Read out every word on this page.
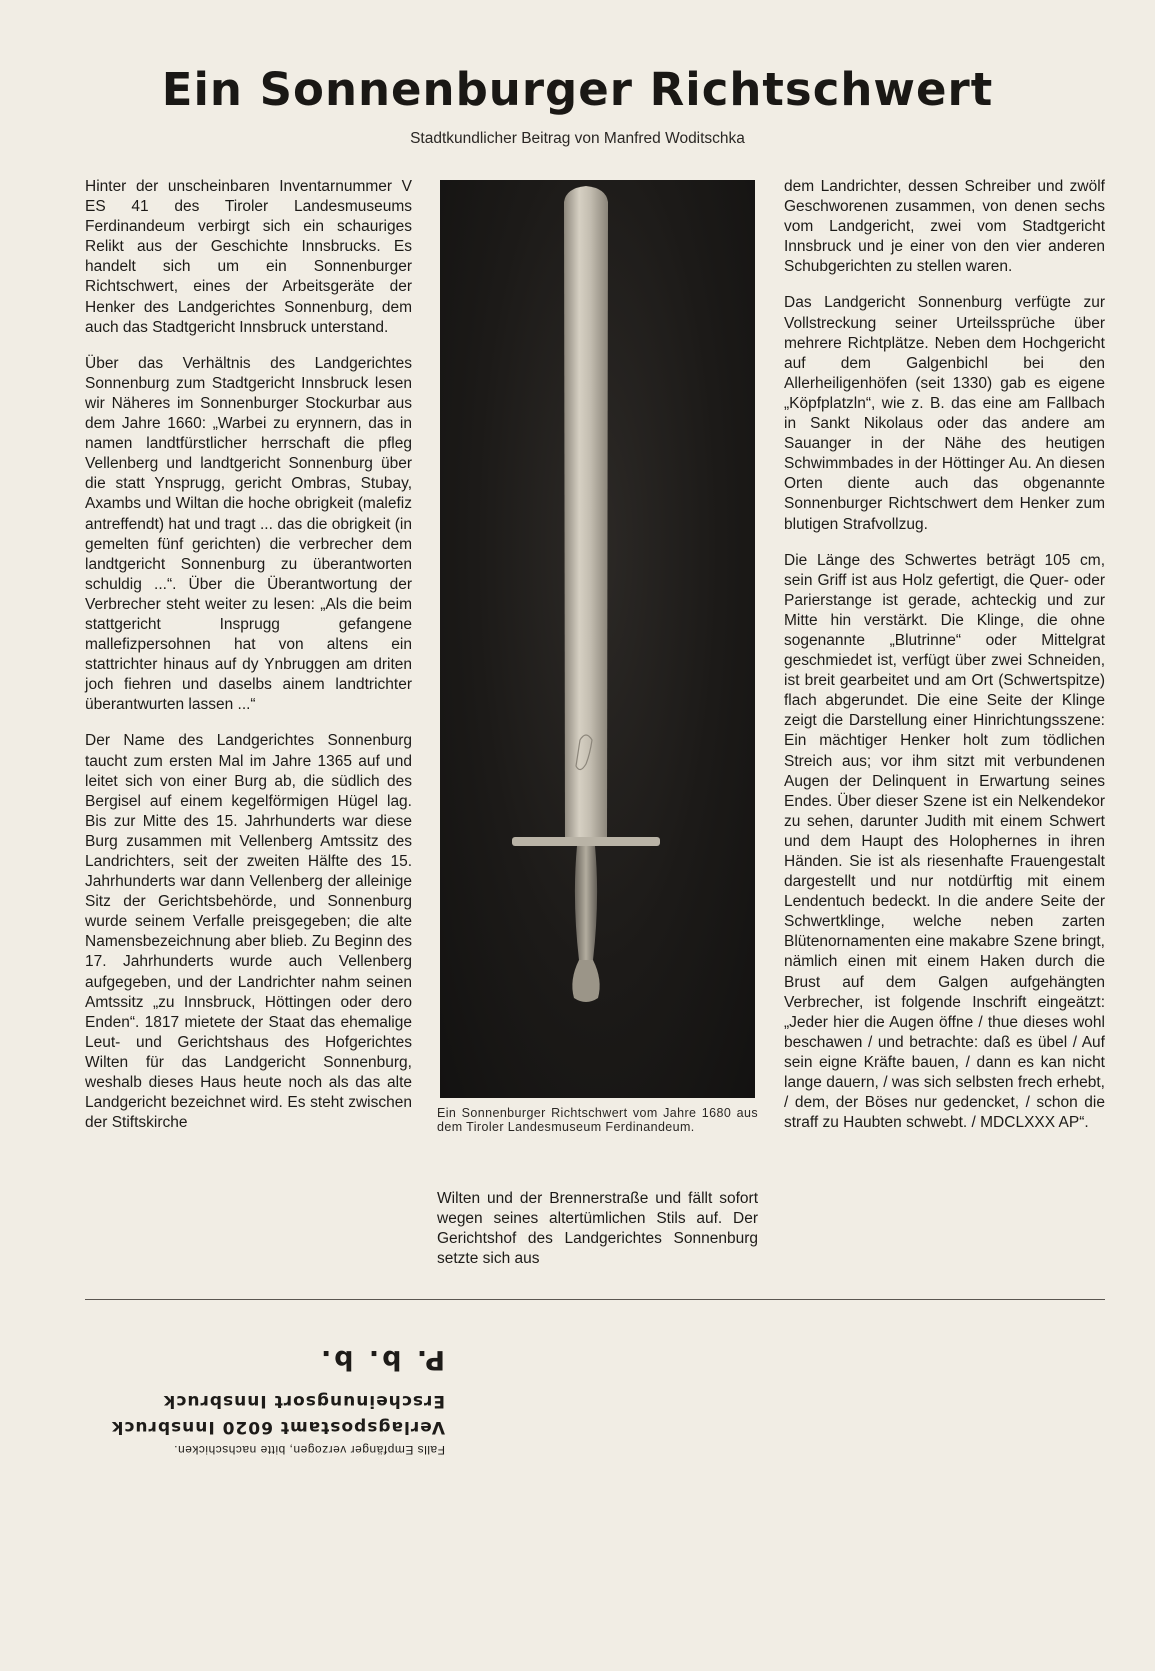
Ein Sonnenburger Richtschwert
Stadtkundlicher Beitrag von Manfred Woditschka

Hinter der unscheinbaren Inventarnummer V ES 41 des Tiroler Landesmuseums Ferdinandeum verbirgt sich ein schauriges Relikt aus der Geschichte Innsbrucks. Es handelt sich um ein Sonnenburger Richtschwert, eines der Arbeitsgeräte der Henker des Landgerichtes Sonnenburg, dem auch das Stadtgericht Innsbruck unterstand.

Über das Verhältnis des Landgerichtes Sonnenburg zum Stadtgericht Innsbruck lesen wir Näheres im Sonnenburger Stockurbar aus dem Jahre 1660: „Warbei zu erynnern, das in namen landtfürstlicher herrschaft die pfleg Vellenberg und landtgericht Sonnenburg über die statt Ynsprugg, gericht Ombras, Stubay, Axambs und Wiltan die hoche obrigkeit (malefiz antreffendt) hat und tragt ... das die obrigkeit (in gemelten fünf gerichten) die verbrecher dem landtgericht Sonnenburg zu überantworten schuldig ...“. Über die Überantwortung der Verbrecher steht weiter zu lesen: „Als die beim stattgericht Insprugg gefangene mallefizpersohnen hat von altens ein stattrichter hinaus auf dy Ynbruggen am driten joch fiehren und daselbs ainem landtrichter überantwurten lassen ...“

Der Name des Landgerichtes Sonnenburg taucht zum ersten Mal im Jahre 1365 auf und leitet sich von einer Burg ab, die südlich des Bergisel auf einem kegelförmigen Hügel lag. Bis zur Mitte des 15. Jahrhunderts war diese Burg zusammen mit Vellenberg Amtssitz des Landrichters, seit der zweiten Hälfte des 15. Jahrhunderts war dann Vellenberg der alleinige Sitz der Gerichtsbehörde, und Sonnenburg wurde seinem Verfalle preisgegeben; die alte Namensbezeichnung aber blieb. Zu Beginn des 17. Jahrhunderts wurde auch Vellenberg aufgegeben, und der Landrichter nahm seinen Amtssitz „zu Innsbruck, Höttingen oder dero Enden“. 1817 mietete der Staat das ehemalige Leut- und Gerichtshaus des Hofgerichtes Wilten für das Landgericht Sonnenburg, weshalb dieses Haus heute noch als das alte Landgericht bezeichnet wird. Es steht zwischen der Stiftskirche

Ein Sonnenburger Richtschwert vom Jahre 1680 aus dem Tiroler Landesmuseum Ferdinandeum.

Wilten und der Brennerstraße und fällt sofort wegen seines altertümlichen Stils auf. Der Gerichtshof des Landgerichtes Sonnenburg setzte sich aus

dem Landrichter, dessen Schreiber und zwölf Geschworenen zusammen, von denen sechs vom Landgericht, zwei vom Stadtgericht Innsbruck und je einer von den vier anderen Schubgerichten zu stellen waren.

Das Landgericht Sonnenburg verfügte zur Vollstreckung seiner Urteilssprüche über mehrere Richtplätze. Neben dem Hochgericht auf dem Galgenbichl bei den Allerheiligenhöfen (seit 1330) gab es eigene „Köpfplatzln“, wie z. B. das eine am Fallbach in Sankt Nikolaus oder das andere am Sauanger in der Nähe des heutigen Schwimmbades in der Höttinger Au. An diesen Orten diente auch das obgenannte Sonnenburger Richtschwert dem Henker zum blutigen Strafvollzug.

Die Länge des Schwertes beträgt 105 cm, sein Griff ist aus Holz gefertigt, die Quer- oder Parierstange ist gerade, achteckig und zur Mitte hin verstärkt. Die Klinge, die ohne sogenannte „Blutrinne“ oder Mittelgrat geschmiedet ist, verfügt über zwei Schneiden, ist breit gearbeitet und am Ort (Schwertspitze) flach abgerundet. Die eine Seite der Klinge zeigt die Darstellung einer Hinrichtungsszene: Ein mächtiger Henker holt zum tödlichen Streich aus; vor ihm sitzt mit verbundenen Augen der Delinquent in Erwartung seines Endes. Über dieser Szene ist ein Nelkendekor zu sehen, darunter Judith mit einem Schwert und dem Haupt des Holophernes in ihren Händen. Sie ist als riesenhafte Frauengestalt dargestellt und nur notdürftig mit einem Lendentuch bedeckt. In die andere Seite der Schwertklinge, welche neben zarten Blütenornamenten eine makabre Szene bringt, nämlich einen mit einem Haken durch die Brust auf dem Galgen aufgehängten Verbrecher, ist folgende Inschrift eingeätzt: „Jeder hier die Augen öffne / thue dieses wohl beschawen / und betrachte: daß es übel / Auf sein eigne Kräfte bauen, / dann es kan nicht lange dauern, / was sich selbsten frech erhebt, / dem, der Böses nur gedencket, / schon die straff zu Haubten schwebt. / MDCLXXX AP“.

Falls Empfänger verzogen, bitte nachschicken.
Verlagspostamt 6020 Innsbruck
Erscheinungsort Innsbruck
P. b. b.
